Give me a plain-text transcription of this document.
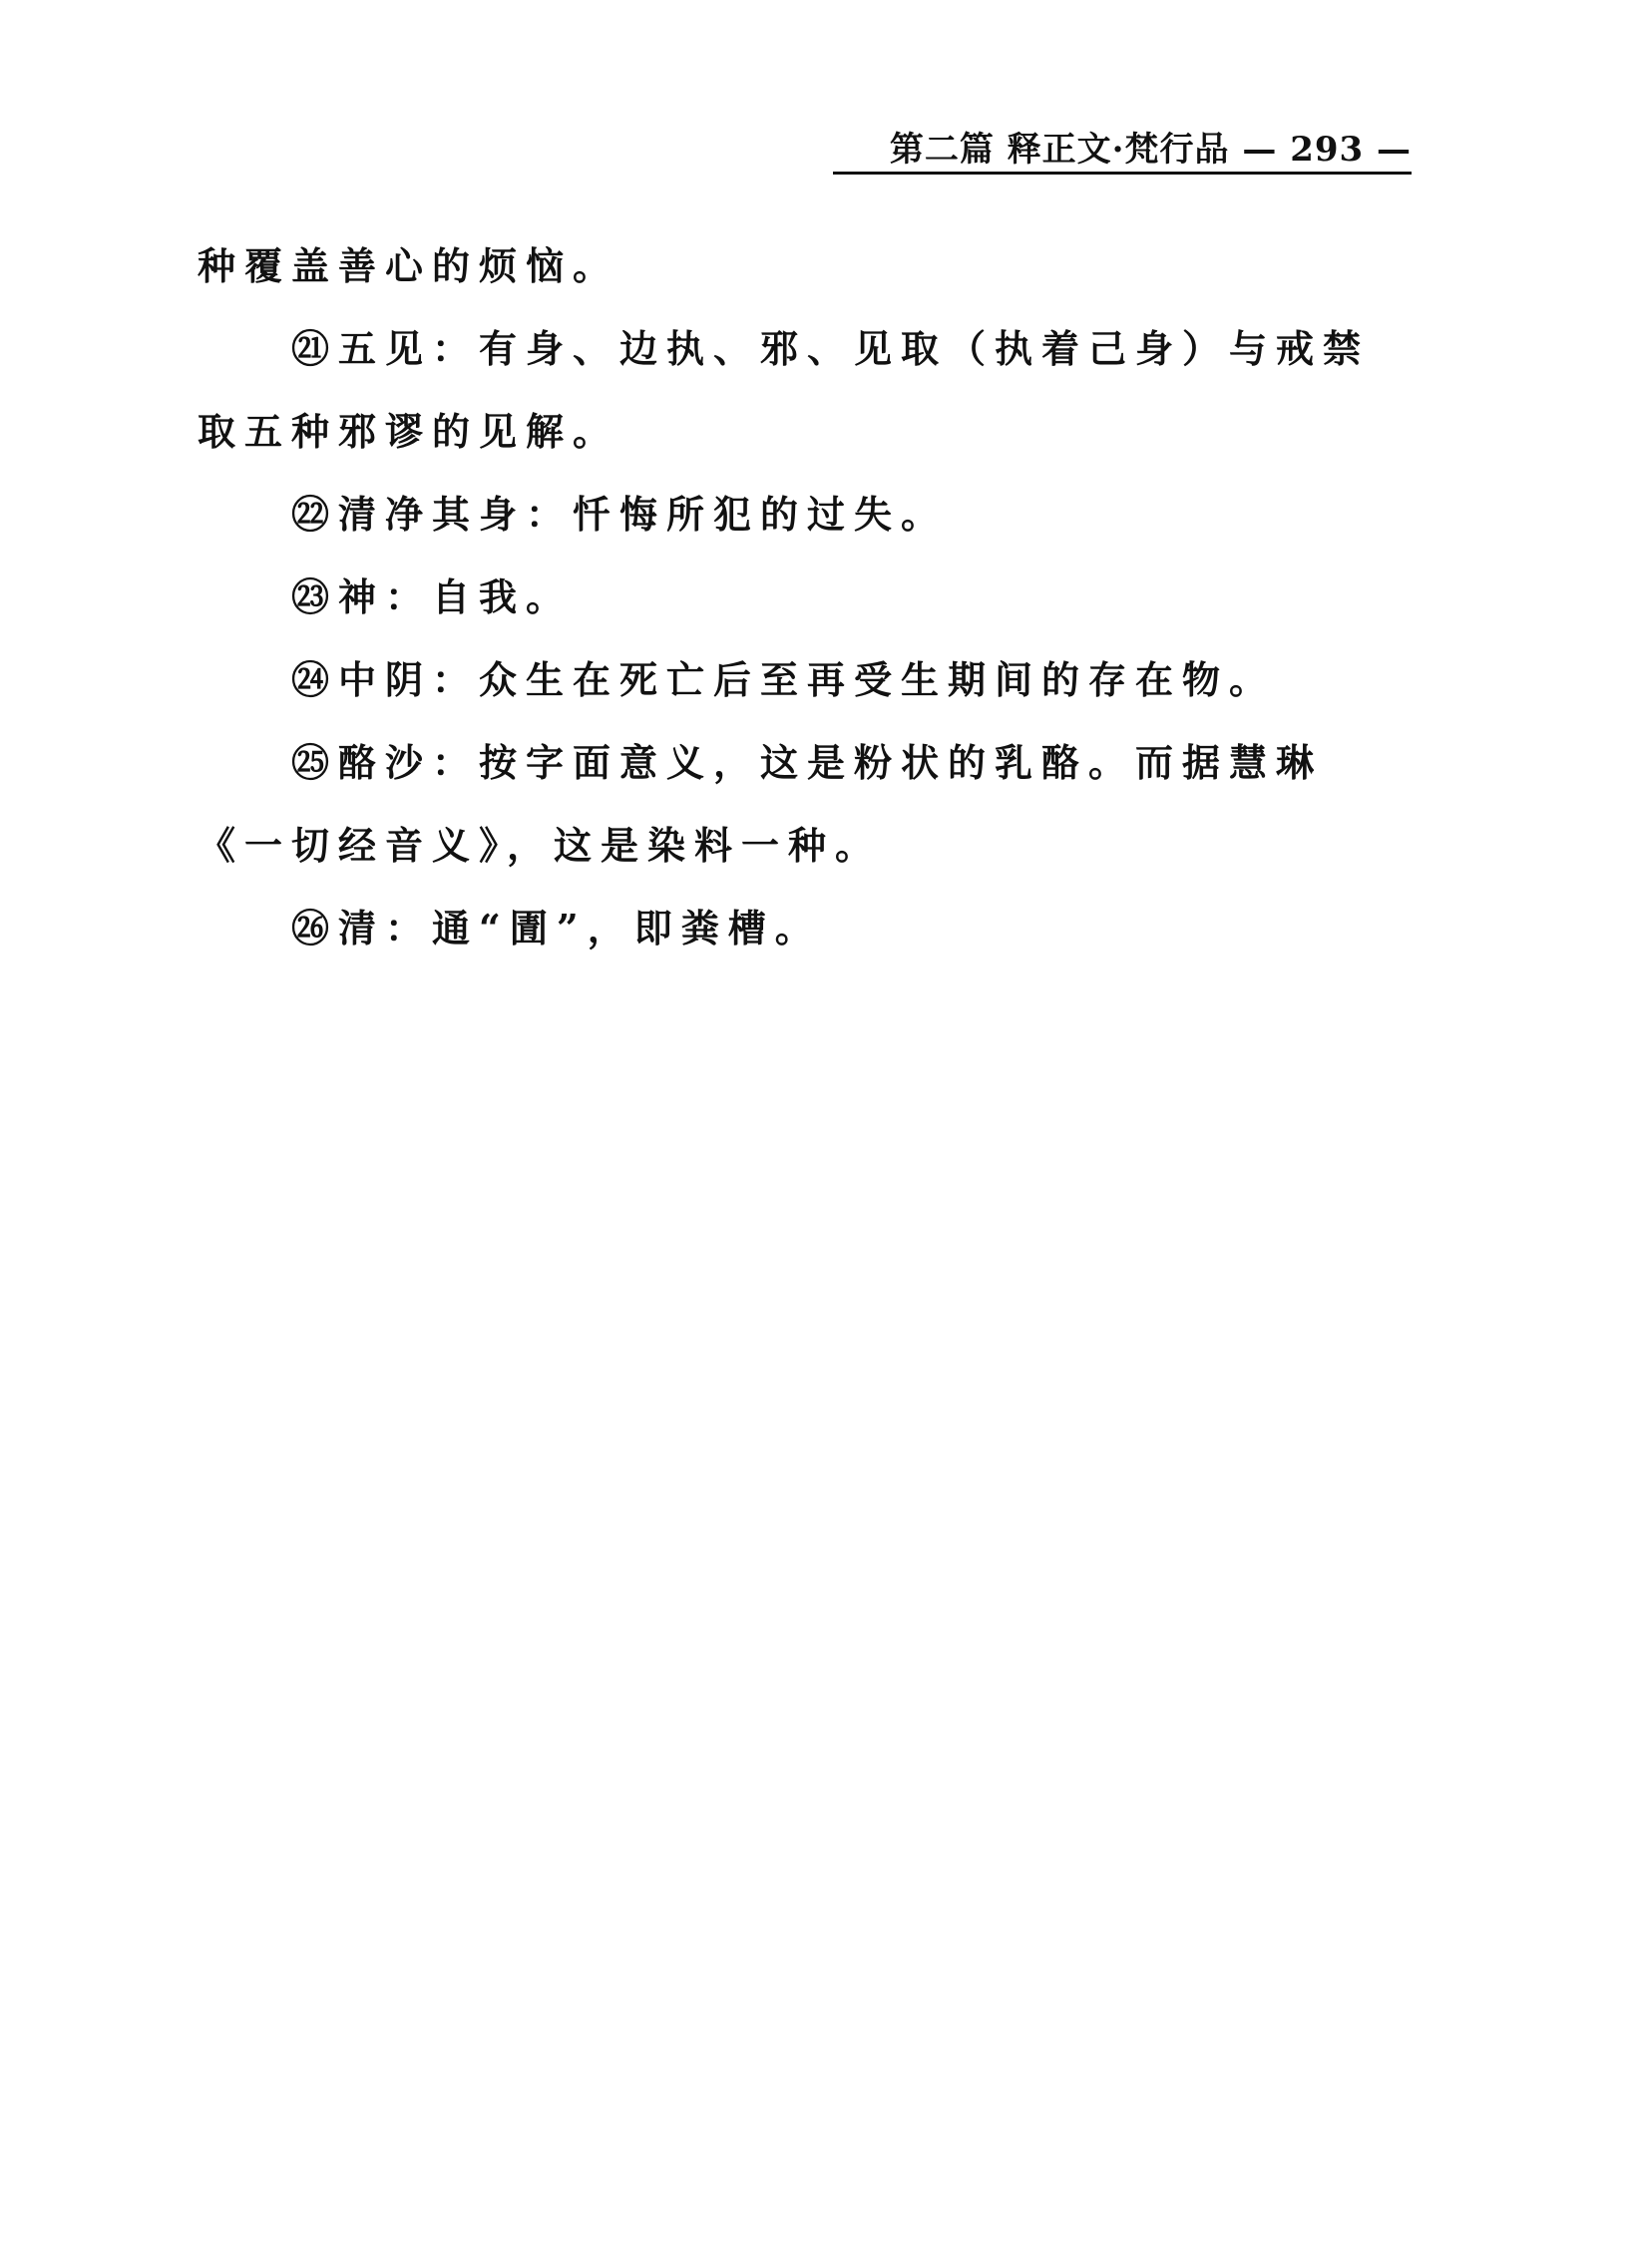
第二篇 释正文·梵行品 — 293 —

种覆盖善心的烦恼。

㉑五见：有身、边执、邪、见取（执着己身）与戒禁取五种邪谬的见解。

㉒清净其身：忏悔所犯的过失。

㉓神：自我。

㉔中阴：众生在死亡后至再受生期间的存在物。

㉕酪沙：按字面意义，这是粉状的乳酪。而据慧琳《一切经音义》，这是染料一种。

㉖清：通“圊”，即粪槽。
